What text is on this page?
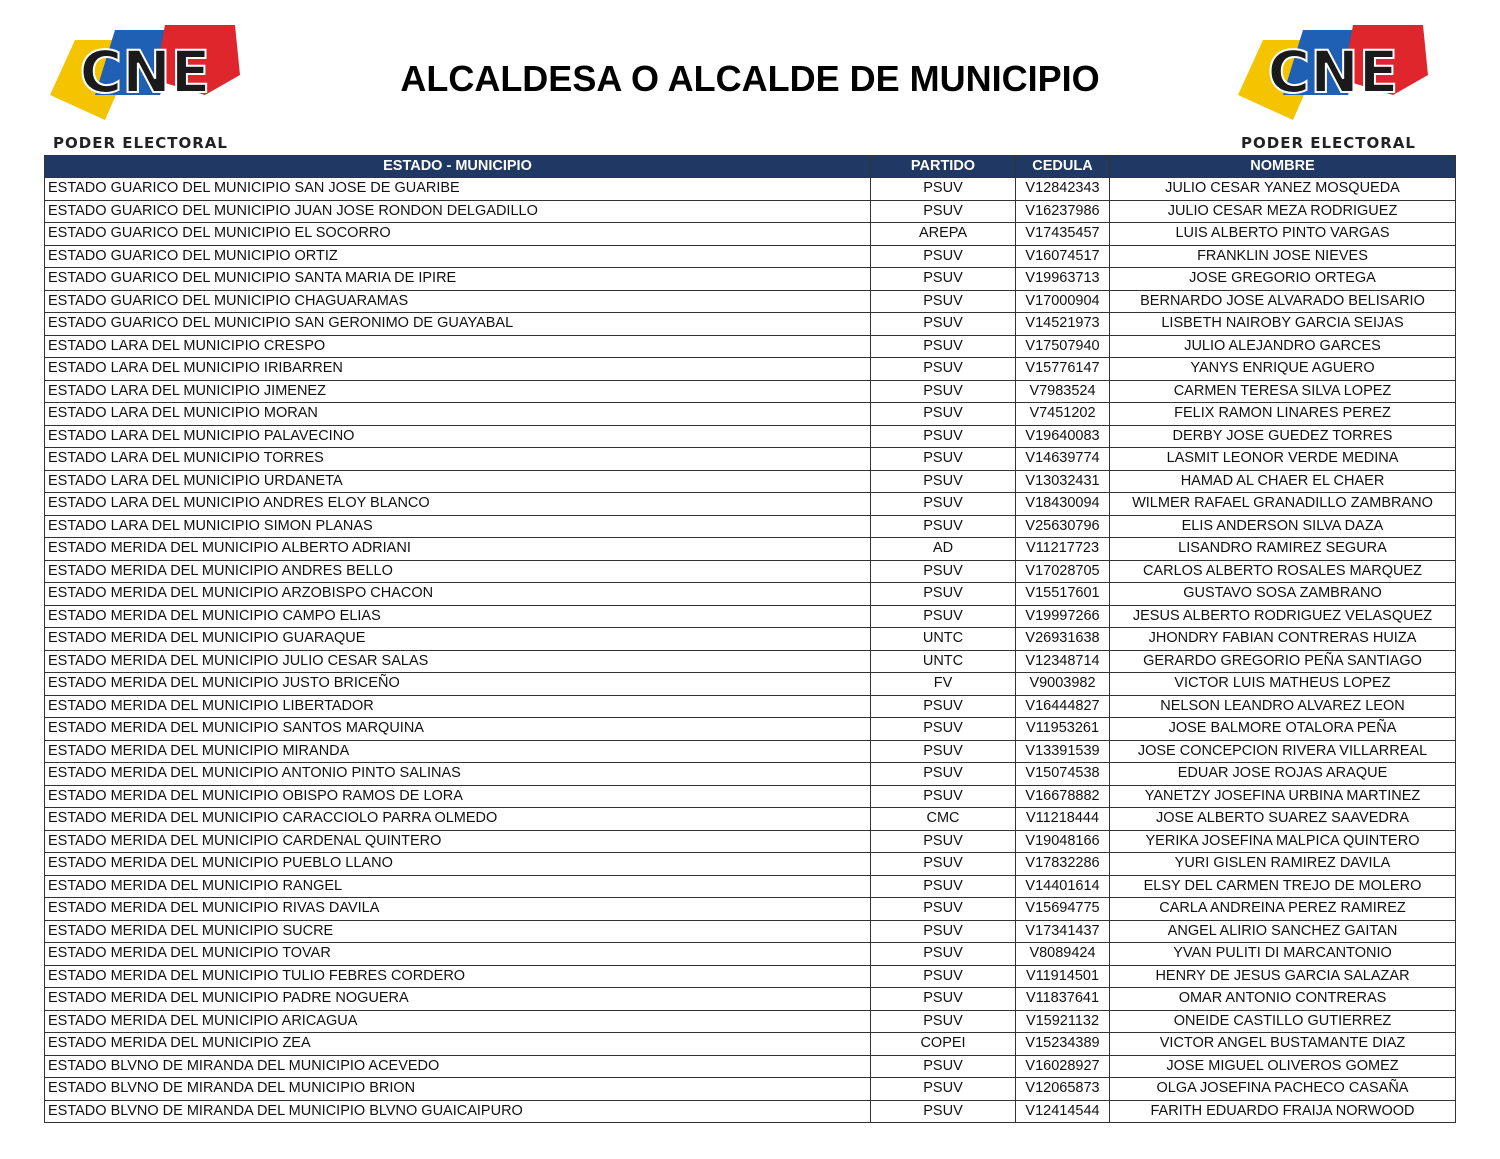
CNE
PODER ELECTORAL
CNE
PODER ELECTORAL
ALCALDESA O ALCALDE DE MUNICIPIO
ESTADO - MUNICIPIO	PARTIDO	CEDULA	NOMBRE
ESTADO GUARICO DEL MUNICIPIO SAN JOSE DE GUARIBE	PSUV	V12842343	JULIO CESAR YANEZ MOSQUEDA
ESTADO GUARICO DEL MUNICIPIO JUAN JOSE RONDON DELGADILLO	PSUV	V16237986	JULIO CESAR MEZA RODRIGUEZ
ESTADO GUARICO DEL MUNICIPIO EL SOCORRO	AREPA	V17435457	LUIS ALBERTO PINTO VARGAS
ESTADO GUARICO DEL MUNICIPIO ORTIZ	PSUV	V16074517	FRANKLIN JOSE NIEVES
ESTADO GUARICO DEL MUNICIPIO SANTA MARIA DE IPIRE	PSUV	V19963713	JOSE GREGORIO ORTEGA
ESTADO GUARICO DEL MUNICIPIO CHAGUARAMAS	PSUV	V17000904	BERNARDO JOSE ALVARADO BELISARIO
ESTADO GUARICO DEL MUNICIPIO SAN GERONIMO DE GUAYABAL	PSUV	V14521973	LISBETH NAIROBY GARCIA SEIJAS
ESTADO LARA DEL MUNICIPIO CRESPO	PSUV	V17507940	JULIO ALEJANDRO GARCES
ESTADO LARA DEL MUNICIPIO IRIBARREN	PSUV	V15776147	YANYS ENRIQUE AGUERO
ESTADO LARA DEL MUNICIPIO JIMENEZ	PSUV	V7983524	CARMEN TERESA SILVA LOPEZ
ESTADO LARA DEL MUNICIPIO MORAN	PSUV	V7451202	FELIX RAMON LINARES PEREZ
ESTADO LARA DEL MUNICIPIO PALAVECINO	PSUV	V19640083	DERBY JOSE GUEDEZ TORRES
ESTADO LARA DEL MUNICIPIO TORRES	PSUV	V14639774	LASMIT LEONOR VERDE MEDINA
ESTADO LARA DEL MUNICIPIO URDANETA	PSUV	V13032431	HAMAD AL CHAER EL CHAER
ESTADO LARA DEL MUNICIPIO ANDRES ELOY BLANCO	PSUV	V18430094	WILMER RAFAEL GRANADILLO ZAMBRANO
ESTADO LARA DEL MUNICIPIO SIMON PLANAS	PSUV	V25630796	ELIS ANDERSON SILVA DAZA
ESTADO MERIDA DEL MUNICIPIO ALBERTO ADRIANI	AD	V11217723	LISANDRO RAMIREZ SEGURA
ESTADO MERIDA DEL MUNICIPIO ANDRES BELLO	PSUV	V17028705	CARLOS ALBERTO ROSALES MARQUEZ
ESTADO MERIDA DEL MUNICIPIO ARZOBISPO CHACON	PSUV	V15517601	GUSTAVO SOSA ZAMBRANO
ESTADO MERIDA DEL MUNICIPIO CAMPO ELIAS	PSUV	V19997266	JESUS ALBERTO RODRIGUEZ VELASQUEZ
ESTADO MERIDA DEL MUNICIPIO GUARAQUE	UNTC	V26931638	JHONDRY FABIAN CONTRERAS HUIZA
ESTADO MERIDA DEL MUNICIPIO JULIO CESAR SALAS	UNTC	V12348714	GERARDO GREGORIO PEÑA SANTIAGO
ESTADO MERIDA DEL MUNICIPIO JUSTO BRICEÑO	FV	V9003982	VICTOR LUIS MATHEUS LOPEZ
ESTADO MERIDA DEL MUNICIPIO LIBERTADOR	PSUV	V16444827	NELSON LEANDRO ALVAREZ LEON
ESTADO MERIDA DEL MUNICIPIO SANTOS MARQUINA	PSUV	V11953261	JOSE BALMORE OTALORA PEÑA
ESTADO MERIDA DEL MUNICIPIO MIRANDA	PSUV	V13391539	JOSE CONCEPCION RIVERA VILLARREAL
ESTADO MERIDA DEL MUNICIPIO ANTONIO PINTO SALINAS	PSUV	V15074538	EDUAR JOSE ROJAS ARAQUE
ESTADO MERIDA DEL MUNICIPIO OBISPO RAMOS DE LORA	PSUV	V16678882	YANETZY JOSEFINA URBINA MARTINEZ
ESTADO MERIDA DEL MUNICIPIO CARACCIOLO PARRA OLMEDO	CMC	V11218444	JOSE ALBERTO SUAREZ SAAVEDRA
ESTADO MERIDA DEL MUNICIPIO CARDENAL QUINTERO	PSUV	V19048166	YERIKA JOSEFINA MALPICA QUINTERO
ESTADO MERIDA DEL MUNICIPIO PUEBLO LLANO	PSUV	V17832286	YURI GISLEN RAMIREZ DAVILA
ESTADO MERIDA DEL MUNICIPIO RANGEL	PSUV	V14401614	ELSY DEL CARMEN TREJO DE MOLERO
ESTADO MERIDA DEL MUNICIPIO RIVAS DAVILA	PSUV	V15694775	CARLA ANDREINA PEREZ RAMIREZ
ESTADO MERIDA DEL MUNICIPIO SUCRE	PSUV	V17341437	ANGEL ALIRIO SANCHEZ GAITAN
ESTADO MERIDA DEL MUNICIPIO TOVAR	PSUV	V8089424	YVAN PULITI DI MARCANTONIO
ESTADO MERIDA DEL MUNICIPIO TULIO FEBRES CORDERO	PSUV	V11914501	HENRY DE JESUS GARCIA SALAZAR
ESTADO MERIDA DEL MUNICIPIO PADRE NOGUERA	PSUV	V11837641	OMAR ANTONIO CONTRERAS
ESTADO MERIDA DEL MUNICIPIO ARICAGUA	PSUV	V15921132	ONEIDE CASTILLO GUTIERREZ
ESTADO MERIDA DEL MUNICIPIO ZEA	COPEI	V15234389	VICTOR ANGEL BUSTAMANTE DIAZ
ESTADO BLVNO DE MIRANDA DEL MUNICIPIO ACEVEDO	PSUV	V16028927	JOSE MIGUEL OLIVEROS GOMEZ
ESTADO BLVNO DE MIRANDA DEL MUNICIPIO BRION	PSUV	V12065873	OLGA JOSEFINA PACHECO CASAÑA
ESTADO BLVNO DE MIRANDA DEL MUNICIPIO BLVNO GUAICAIPURO	PSUV	V12414544	FARITH EDUARDO FRAIJA NORWOOD
